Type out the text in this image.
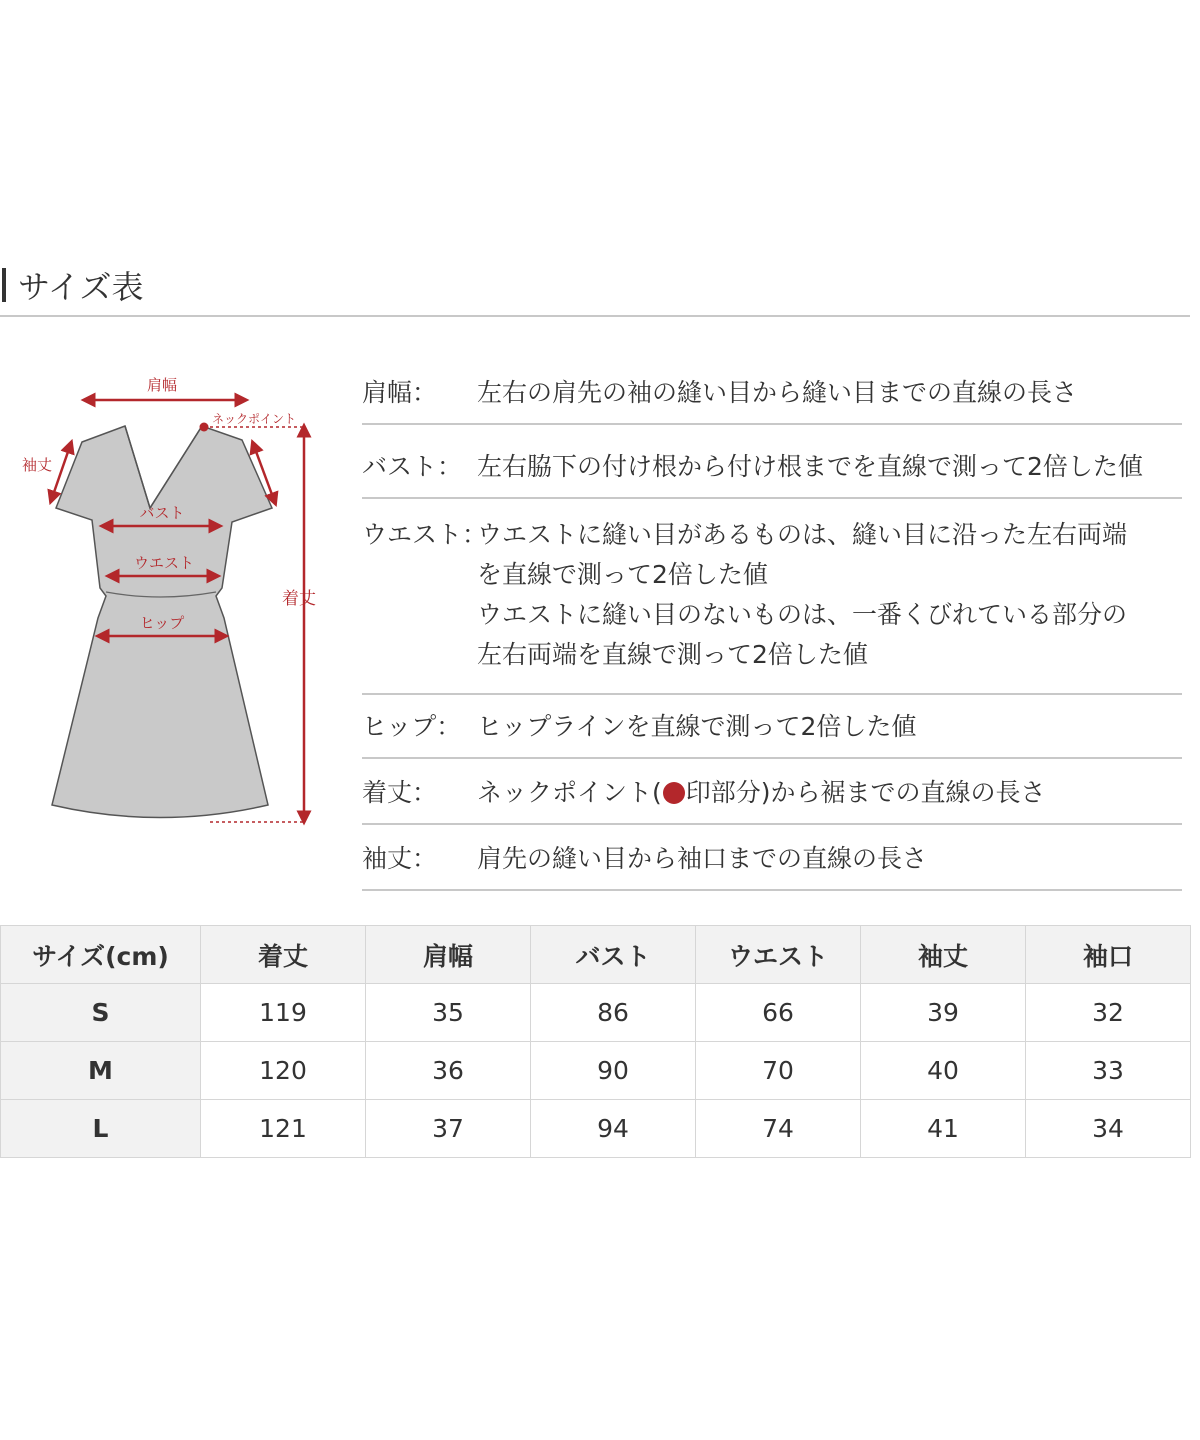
サイズ表
肩幅
ネックポイント
袖丈
バスト
ウエスト
ヒップ
着丈
肩幅：	左右の肩先の袖の縫い目から縫い目までの直線の長さ
バスト： 左右脇下の付け根から付け根までを直線で測って2倍した値
ウエスト：
ウエストに縫い目があるものは、縫い目に沿った左右両端
を直線で測って2倍した値
ウエストに縫い目のないものは、一番くびれている部分の
左右両端を直線で測って2倍した値
ヒップ： ヒップラインを直線で測って2倍した値
着丈：	ネックポイント( 印部分)から裾までの直線の長さ
袖丈：	肩先の縫い目から袖口までの直線の長さ
サイズ(cm)	着丈	肩幅	バスト	ウエスト	袖丈	袖口
S	119	35	86	66	39	32
M	120	36	90	70	40	33
L	121	37	94	74	41	34
